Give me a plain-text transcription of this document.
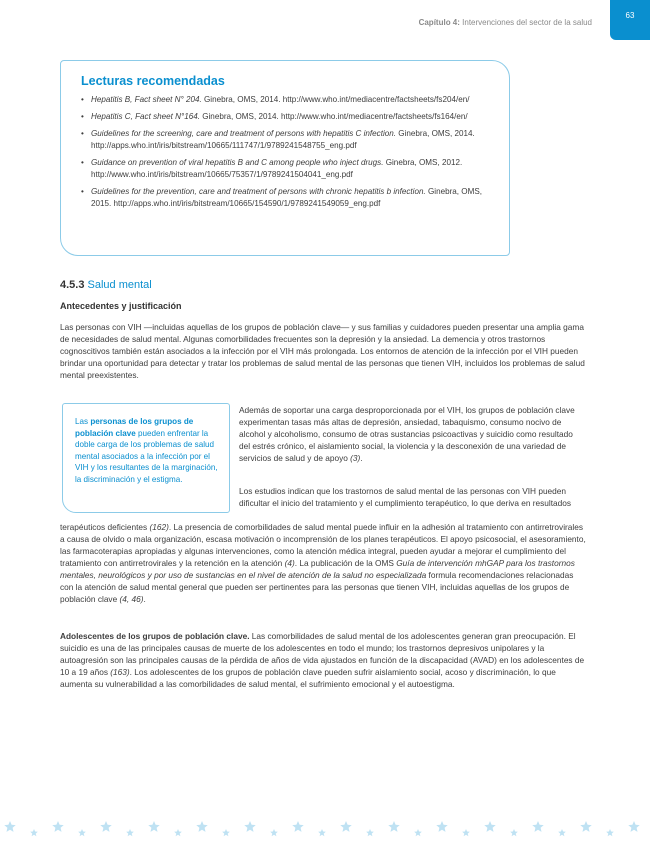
Capítulo 4: Intervenciones del sector de la salud
63
Lecturas recomendadas
• Hepatitis B, Fact sheet N° 204. Ginebra, OMS, 2014. http://www.who.int/mediacentre/factsheets/fs204/en/
• Hepatitis C, Fact sheet N°164. Ginebra, OMS, 2014. http://www.who.int/mediacentre/factsheets/fs164/en/
• Guidelines for the screening, care and treatment of persons with hepatitis C infection. Ginebra, OMS, 2014. http://apps.who.int/iris/bitstream/10665/111747/1/9789241548755_eng.pdf
• Guidance on prevention of viral hepatitis B and C among people who inject drugs. Ginebra, OMS, 2012. http://www.who.int/iris/bitstream/10665/75357/1/9789241504041_eng.pdf
• Guidelines for the prevention, care and treatment of persons with chronic hepatitis b infection. Ginebra, OMS, 2015. http://apps.who.int/iris/bitstream/10665/154590/1/9789241549059_eng.pdf
4.5.3 Salud mental
Antecedentes y justificación

Las personas con VIH —incluidas aquellas de los grupos de población clave— y sus familias y cuidadores pueden presentar una amplia gama de necesidades de salud mental. Algunas comorbilidades frecuentes son la depresión y la ansiedad. La demencia y otros trastornos cognoscitivos también están asociados a la infección por el VIH más prolongada. Los entornos de atención de la infección por el VIH pueden brindar una oportunidad para detectar y tratar los problemas de salud mental de las personas que tienen VIH, incluidos los problemas de salud mental preexistentes.

Las personas de los grupos de población clave pueden enfrentar la doble carga de los problemas de salud mental asociados a la infección por el VIH y los resultantes de la marginación, la discriminación y el estigma.

Además de soportar una carga desproporcionada por el VIH, los grupos de población clave experimentan tasas más altas de depresión, ansiedad, tabaquismo, consumo nocivo de alcohol y alcoholismo, consumo de otras sustancias psicoactivas y suicidio como resultado del estrés crónico, el aislamiento social, la violencia y la desconexión de una variedad de servicios de salud y de apoyo (3).

Los estudios indican que los trastornos de salud mental de las personas con VIH pueden dificultar el inicio del tratamiento y el cumplimiento terapéutico, lo que deriva en resultados

terapéuticos deficientes (162). La presencia de comorbilidades de salud mental puede influir en la adhesión al tratamiento con antirretrovirales a causa de olvido o mala organización, escasa motivación o incomprensión de los planes terapéuticos. El apoyo psicosocial, el asesoramiento, las farmacoterapias apropiadas y algunas intervenciones, como la atención médica integral, pueden ayudar a mejorar el cumplimiento del tratamiento con antirretrovirales y la retención en la atención (4). La publicación de la OMS Guía de intervención mhGAP para los trastornos mentales, neurológicos y por uso de sustancias en el nivel de atención de la salud no especializada formula recomendaciones relacionadas con la atención de salud mental general que pueden ser pertinentes para las personas que tienen VIH, incluidas aquellas de los grupos de población clave (4, 46).

Adolescentes de los grupos de población clave. Las comorbilidades de salud mental de los adolescentes generan gran preocupación. El suicidio es una de las principales causas de muerte de los adolescentes en todo el mundo; los trastornos depresivos unipolares y la autoagresión son las principales causas de la pérdida de años de vida ajustados en función de la discapacidad (AVAD) en los adolescentes de 10 a 19 años (163). Los adolescentes de los grupos de población clave pueden sufrir aislamiento social, acoso y discriminación, lo que aumenta su vulnerabilidad a las comorbilidades de salud mental, el sufrimiento emocional y el autoestigma.
